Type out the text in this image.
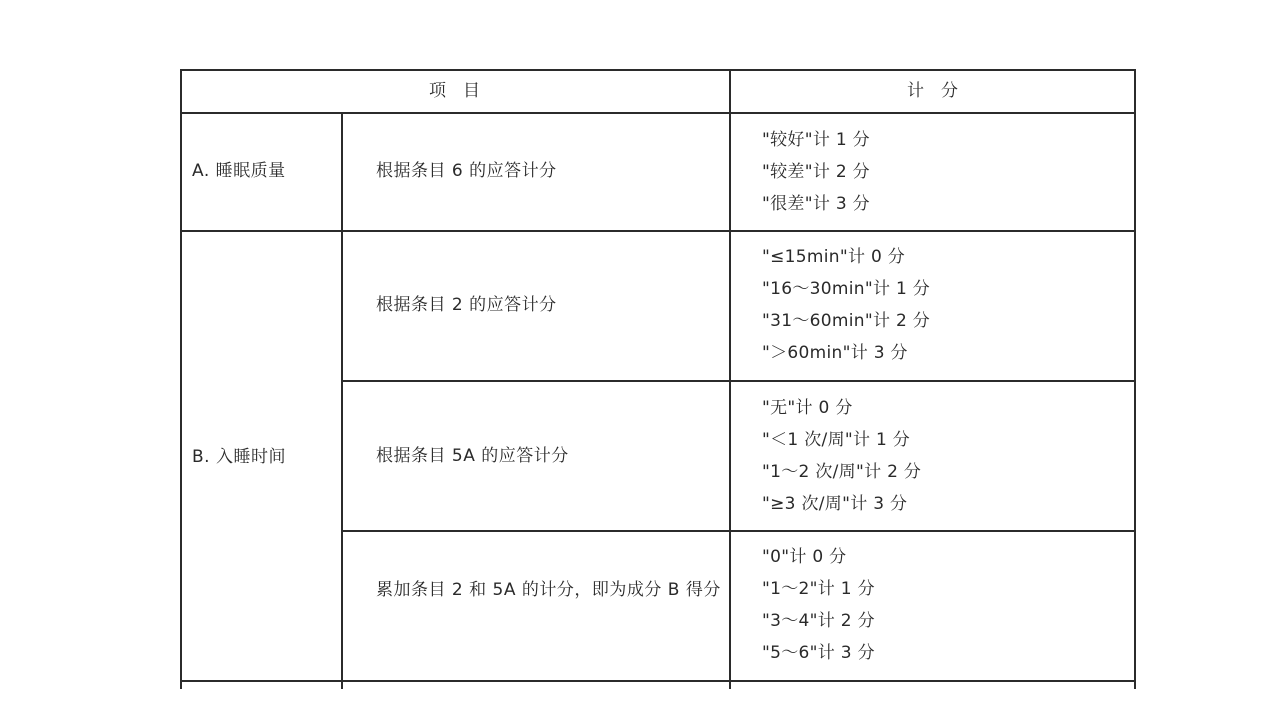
项　目	计　分
A. 睡眠质量	根据条目 6 的应答计分
"较好"计 1 分
"较差"计 2 分
"很差"计 3 分
B. 入睡时间
根据条目 2 的应答计分
"≤15min"计 0 分
"16～30min"计 1 分
"31～60min"计 2 分
"＞60min"计 3 分
根据条目 5A 的应答计分
"无"计 0 分
"＜1 次/周"计 1 分
"1～2 次/周"计 2 分
"≥3 次/周"计 3 分
累加条目 2 和 5A 的计分，即为成分 B 得分
"0"计 0 分
"1～2"计 1 分
"3～4"计 2 分
"5～6"计 3 分
